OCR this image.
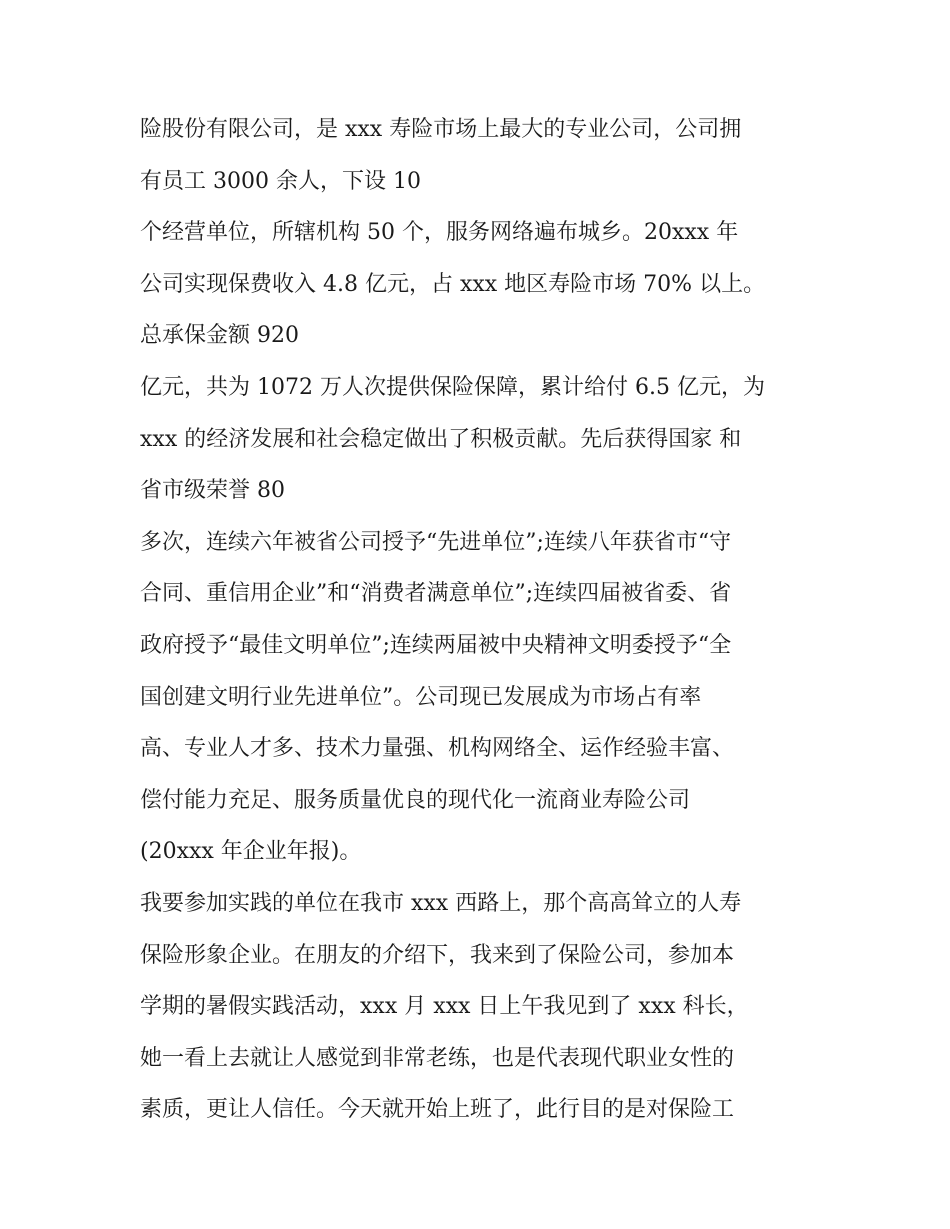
险股份有限公司，是 xxx 寿险市场上最大的专业公司，公司拥
有员工 3000 余人，下设 10
个经营单位，所辖机构 50 个，服务网络遍布城乡。20xxx 年
公司实现保费收入 4.8 亿元，占 xxx 地区寿险市场 70% 以上。
总承保金额 920
亿元，共为 1072 万人次提供保险保障，累计给付 6.5 亿元，为
xxx 的经济发展和社会稳定做出了积极贡献。先后获得国家 和
省市级荣誉 80
多次，连续六年被省公司授予“先进单位”;连续八年获省市“守
合同、重信用企业”和“消费者满意单位”;连续四届被省委、省
政府授予“最佳文明单位”;连续两届被中央精神文明委授予“全
国创建文明行业先进单位”。公司现已发展成为市场占有率
高、专业人才多、技术力量强、机构网络全、运作经验丰富、
偿付能力充足、服务质量优良的现代化一流商业寿险公司
(20xxx 年企业年报)。
我要参加实践的单位在我市 xxx 西路上，那个高高耸立的人寿
保险形象企业。在朋友的介绍下，我来到了保险公司，参加本
学期的暑假实践活动，xxx 月 xxx 日上午我见到了 xxx 科长，
她一看上去就让人感觉到非常老练，也是代表现代职业女性的
素质，更让人信任。今天就开始上班了，此行目的是对保险工
